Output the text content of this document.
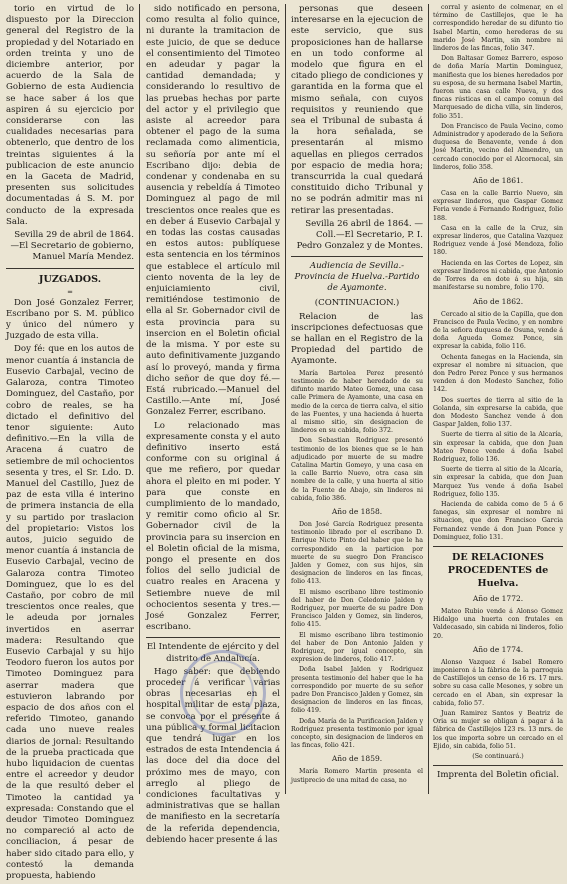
torio en virtud de lo dispuesto por la Direccion general del Registro de la propiedad y del Notariado en orden treinta y uno de diciembre anterior, por acuerdo de la Sala de Gobierno de esta Audiencia se hace saber á los que aspiren á su ejercicio por considerarse con las cualidades necesarias para obtenerlo, que dentro de los treintas siguientes á la publicacion de este anuncio en la Gaceta de Madrid, presenten sus solicitudes documentadas á S. M. por conducto de la expresada Sala.

Sevilla 29 de abril de 1864. —El Secretario de gobierno, Manuel María Mendez.

JUZGADOS.

═

Don José Gonzalez Ferrer, Escribano por S. M. público y único del número y Juzgado de esta villa.

Doy fé: que en los autos de menor cuantía á instancia de Eusevio Carbajal, vecino de Galaroza, contra Timoteo Dominguez, del Castaño, por cobro de reales, se ha dictado el definitivo del tenor siguiente: Auto definitivo.—En la villa de Aracena á cuatro de setiembre de mil ochocientos sesenta y tres, el Sr. Ldo. D. Manuel del Castillo, Juez de paz de esta villa é interino de primera instancia de ella y su partido por traslacion del propietario: Vistos los autos, juicio seguido de menor cuantía á instancia de Eusevio Carbajal, vecino de Galaroza contra Timoteo Dominguez, que lo es del Castaño, por cobro de mil trescientos once reales, que le adeuda por jornales invertidos en aserrar madera: Resultando que Eusevio Carbajal y su hijo Teodoro fueron los autos por Timoteo Dominguez para aserrar madera que estuvieron labrando por espacio de dos años con el referido Timoteo, ganando cada uno nueve reales diarios de jornal: Resultando de la prueba practicada que hubo liquidacion de cuentas entre el acreedor y deudor de la que resultó deber el Timoteo la cantidad ya expresada: Constando que el deudor Timoteo Dominguez no compareció al acto de conciliacion, á pesar de haber sido citado para ello, y contestó la demanda propuesta, habiendo

sido notificado en persona, como resulta al folio quince, ni durante la tramitacion de este juicio, de que se deduce el consentimiento del Timoteo en adeudar y pagar la cantidad demandada; y considerando lo resultivo de las pruebas hechas por parte del actor y el privilegio que asiste al acreedor para obtener el pago de la suma reclamada como alimenticia, su señoría por ante mí el Escribano dijo: debia de condenar y condenaba en su ausencia y rebeldía á Timoteo Dominguez al pago de mil trescientos once reales que es en deber á Eusevio Carbajal y en todas las costas causadas en estos autos: publíquese esta sentencia en los términos que establece el artículo mil ciento noventa de la ley de enjuiciamiento civil, remitiéndose testimonio de ella al Sr. Gobernador civil de esta provincia para su insercion en el Boletin oficial de la misma. Y por este su auto definitivamente juzgando así lo proveyó, manda y firma dicho señor de que doy fé.—Está rubricado.—Manuel del Castillo.—Ante mí, José Gonzalez Ferrer, escribano.

Lo relacionado mas expresamente consta y el auto definitivo inserto está conforme con su original á que me refiero, por quedar ahora el pleito en mi poder. Y para que conste en cumplimiento de lo mandado, y remitir como oficio al Sr. Gobernador civil de la provincia para su insercion en el Boletin oficial de la misma, pongo el presente en dos folios del sello judicial de cuatro reales en Aracena y Setiembre nueve de mil ochocientos sesenta y tres.—José Gonzalez Ferrer, escribano.

El Intendente de ejército y del distrito de Andalucía.

Hago saber: que debiendo proceder á verificar varias obras necesarias en el hospital militar de esta plaza, se convoca por el presente á una pública y formal licitacion que tendrá lugar en los estrados de esta Intendencia á las doce del dia doce del próximo mes de mayo, con arreglo al pliego de condiciones facultativas y administrativas que se hallan de manifiesto en la secretaría de la referida dependencia, debiendo hacer presente á las

personas que deseen interesarse en la ejecucion de este servicio, que sus proposiciones han de hallarse en un todo conforme al modelo que figura en el citado pliego de condiciones y garantida en la forma que el mismo señala, con cuyos requisitos y reuniendo que sea el Tribunal de subasta á la hora señalada, se presentarán al mismo aquellas en pliegos cerrados por espacio de media hora; transcurrida la cual quedará constituido dicho Tribunal y no se podrán admitir mas ni retirar las presentadas.

Sevilla 26 abril de 1864. —Coll.—El Secretario, P. I. Pedro Gonzalez y de Montes.

Audiencia de Sevilla.-Provincia de Huelva.-Partido de Ayamonte.

(CONTINUACION.)

Relacion de las inscripciones defectuosas que se hallan en el Registro de la Propiedad del partido de Ayamonte.

María Bartolea Perez presentó testimonio de haber heredado de su difunto marido Mateo Gomez, una casa calle Primera de Ayamonte, una casa en medio de la cerca de tierra calva, el sitio de las Fuentes, y una hacienda á huerta al mismo sitio, sin designacion de linderos en su cabida, folio 372.

Don Sebastian Rodriguez presentó testimonio de los bienes que se le han adjudicado por muerte de su madre Catalina Martin Gomeyo, y una casa en la calle Barrio Nuevo, otra casa sin nombre de la calle, y una huerta al sitio de la Fuente de Abajo, sin linderos ni cabida, folio 386.

Año de 1858.

Don José García Rodriguez presenta testimonio librado por el escribano D. Enrique Nicto Pinto del haber que le ha correspondido en la particion por muerte de su suegro Don Francisco Jalden y Gomez, con sus hijos, sin designacion de linderos en las fincas, folio 413.

El mismo escribano libre testimonio del haber de Don Celedonio Jalden y Rodriguez, por muerte de su padre Don Francisco Jalden y Gomez, sin linderos, folio 415.

El mismo escribano libra testimonio del haber de Don Antonio Jalden y Rodriguez, por igual concepto, sin expresion de linderos, folio 417.

Doña Isabel Jalden y Rodriguez presenta testimonio del haber que le ha correspondido por muerte de su señor padre Don Francisco Jalden y Gomez, sin designacion de linderos en las fincas, folio 419.

Doña María de la Purificacion Jalden y Rodriguez presenta testimonio por igual concepto, sin designacion de linderos en las fincas, folio 421.

Año de 1859.

María Romero Martin presenta el justiprecio de una mitad de casa, no

corral y asiento de colmenar, en el término de Castillejos, que le ha correspondido heredar de su difunto tio Isabel Martin, como herederas de su marido José Martin, sin nombre ni linderos de las fincas, folio 347.

Don Baltasar Gomez Barrero, esposo de doña María Martin Dominguez, manifiesta que los bienes heredados por su esposa, de su hermana Isabel Martin, fueron una casa calle Nueva, y dos fincas rústicas en el campo comun del Marquesado de dicha villa, sin linderos, folio 351.

Don Francisco de Paula Vecino, como Administrador y apoderado de la Señora duquesa de Benavente, vende á don José Martin, vecino del Almendro, un cercado conocido por el Alcornocal, sin linderos, folio 358.

Año de 1861.

Casa en la calle Barrio Nuevo, sin expresar linderos, que Gaspar Gomez Feria vende á Fernando Rodriguez, folio 188.

Casa en la calle de la Cruz, sin expresar linderos, que Catalina Vazquez Rodriguez vende á José Mendoza, folio 180.

Hacienda en las Cortes de Lopez, sin expresar linderos ni cabida, que Antonio de Torres da en dote á su hija, sin manifestarse su nombre, folio 170.

Año de 1862.

Cercado al sitio de la Capilla, que don Francisco de Paula Vecino, y en nombre de la señora duquesa de Osuna, vende á doña Agueda Gomez Ponce, sin expresar la cabida, folio 116.

Ochenta fanegas en la Hacienda, sin expresar el nombre ni situacion, que don Pedro Perez Ponce y sus hermanos venden á don Modesto Sanchez, folio 142.

Dos suertes de tierra al sitio de la Golanda, sin expresarse la cabida, que don Modesto Sanchez vende á don Gaspar Jalden, folio 137.

Suerte de tierra al sitio de la Alcaría, sin expresar la cabida, que don Juan Mateo Ponce vende á doña Isabel Rodriguez, folio 136.

Suerte de tierra al sitio de la Alcaría, sin expresar la cabida, que don Juan Marquez Yus vende á doña Isabel Rodriguez, folio 135.

Hacienda de cabida como de 5 á 6 fanegas, sin expresar el nombre ni situacion, que don Francisco Garcia Fernandez vende á don Juan Ponce y Dominguez, folio 131.

DE RELACIONES PROCEDENTES de Huelva.

Año de 1772.

Mateo Rubio vende á Alonso Gomez Hidalgo una huerta con frutales en Valdecasado, sin cabida ni linderos, folio 20.

Año de 1774.

Alonso Vazquez é Isabel Romero imponieron á la fábrica de la parroquia de Castillejos un censo de 16 rs. 17 mrs. sobre su casa calle Mesones, y sobre un cercado en el Aban, sin expresar la cabida, folio 57.

Juan Ramirez Santos y Beatriz de Oria su mujer se obligan á pagar á la fábrica de Castillejos 123 rs. 13 mrs. de los que importa sobre un cercado en el Ejido, sin cabida, folio 51.

(Se continuará.)

Imprenta del Boletin oficial.
